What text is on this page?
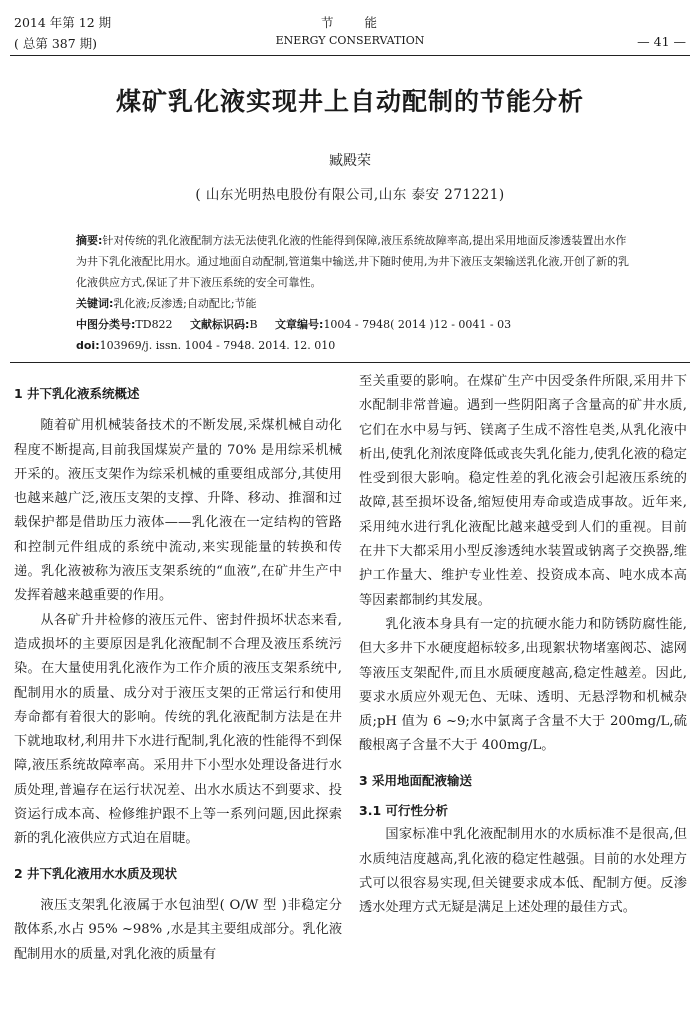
2014 年第 12 期	节　　能
( 总第 387 期)	ENERGY CONSERVATION	— 41 —
煤矿乳化液实现井上自动配制的节能分析
臧殿荣
( 山东光明热电股份有限公司,山东 泰安 271221)
摘要:针对传统的乳化液配制方法无法使乳化液的性能得到保障,液压系统故障率高,提出采用地面反渗透装置出水作为井下乳化液配比用水。通过地面自动配制,管道集中输送,井下随时使用,为井下液压支架输送乳化液,开创了新的乳化液供应方式,保证了井下液压系统的安全可靠性。
关键词:乳化液;反渗透;自动配比;节能
中图分类号:TD822 文献标识码:B 文章编号:1004 - 7948( 2014 )12 - 0041 - 03
doi:103969/j. issn. 1004 - 7948. 2014. 12. 010

1 井下乳化液系统概述

随着矿用机械装备技术的不断发展,采煤机械自动化程度不断提高,目前我国煤炭产量的 70% 是用综采机械开采的。液压支架作为综采机械的重要组成部分,其使用也越来越广泛,液压支架的支撑、升降、移动、推溜和过载保护都是借助压力液体——乳化液在一定结构的管路和控制元件组成的系统中流动,来实现能量的转换和传递。乳化液被称为液压支架系统的“血液”,在矿井生产中发挥着越来越重要的作用。

从各矿升井检修的液压元件、密封件损坏状态来看,造成损坏的主要原因是乳化液配制不合理及液压系统污染。在大量使用乳化液作为工作介质的液压支架系统中,配制用水的质量、成分对于液压支架的正常运行和使用寿命都有着很大的影响。传统的乳化液配制方法是在井下就地取材,利用井下水进行配制,乳化液的性能得不到保障,液压系统故障率高。采用井下小型水处理设备进行水质处理,普遍存在运行状况差、出水水质达不到要求、投资运行成本高、检修维护跟不上等一系列问题,因此探索新的乳化液供应方式迫在眉睫。

2 井下乳化液用水水质及现状

液压支架乳化液属于水包油型( O/W 型 )非稳定分散体系,水占 95% ~98% ,水是其主要组成部分。乳化液配制用水的质量,对乳化液的质量有

至关重要的影响。在煤矿生产中因受条件所限,采用井下水配制非常普遍。遇到一些阴阳离子含量高的矿井水质,它们在水中易与钙、镁离子生成不溶性皂类,从乳化液中析出,使乳化剂浓度降低或丧失乳化能力,使乳化液的稳定性受到很大影响。稳定性差的乳化液会引起液压系统的故障,甚至损坏设备,缩短使用寿命或造成事故。近年来,采用纯水进行乳化液配比越来越受到人们的重视。目前在井下大都采用小型反渗透纯水装置或钠离子交换器,维护工作量大、维护专业性差、投资成本高、吨水成本高等因素都制约其发展。

乳化液本身具有一定的抗硬水能力和防锈防腐性能,但大多井下水硬度超标较多,出现絮状物堵塞阀芯、滤网等液压支架配件,而且水质硬度越高,稳定性越差。因此,要求水质应外观无色、无味、透明、无悬浮物和机械杂质;pH 值为 6 ~9;水中氯离子含量不大于 200mg/L,硫酸根离子含量不大于 400mg/L。

3 采用地面配液输送

3.1 可行性分析

国家标准中乳化液配制用水的水质标准不是很高,但水质纯洁度越高,乳化液的稳定性越强。目前的水处理方式可以很容易实现,但关键要求成本低、配制方便。反渗透水处理方式无疑是满足上述处理的最佳方式。
